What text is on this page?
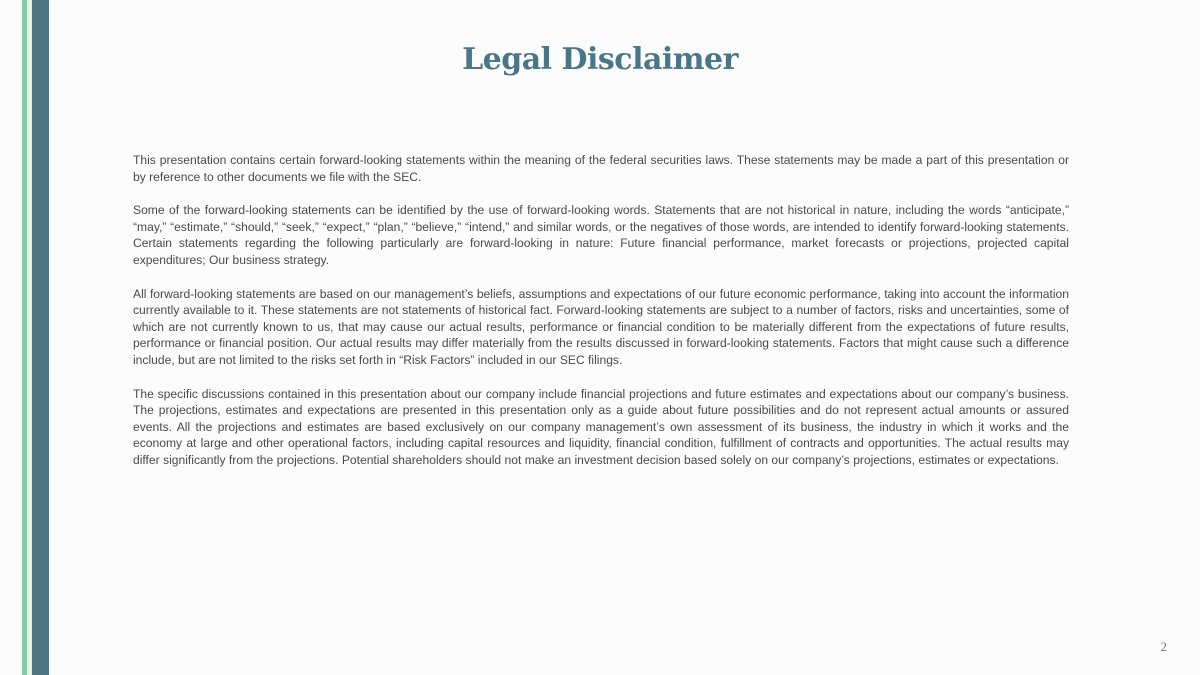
Legal Disclaimer

This presentation contains certain forward-looking statements within the meaning of the federal securities laws. These statements may be made a part of this presentation or by reference to other documents we file with the SEC.

Some of the forward-looking statements can be identified by the use of forward-looking words. Statements that are not historical in nature, including the words “anticipate,” “may,” “estimate,” “should,” “seek,” “expect,” “plan,” “believe,” “intend,” and similar words, or the negatives of those words, are intended to identify forward-looking statements. Certain statements regarding the following particularly are forward-looking in nature: Future financial performance, market forecasts or projections, projected capital expenditures; Our business strategy.

All forward-looking statements are based on our management’s beliefs, assumptions and expectations of our future economic performance, taking into account the information currently available to it. These statements are not statements of historical fact. Forward-looking statements are subject to a number of factors, risks and uncertainties, some of which are not currently known to us, that may cause our actual results, performance or financial condition to be materially different from the expectations of future results, performance or financial position. Our actual results may differ materially from the results discussed in forward-looking statements. Factors that might cause such a difference include, but are not limited to the risks set forth in “Risk Factors” included in our SEC filings.

The specific discussions contained in this presentation about our company include financial projections and future estimates and expectations about our company’s business. The projections, estimates and expectations are presented in this presentation only as a guide about future possibilities and do not represent actual amounts or assured events. All the projections and estimates are based exclusively on our company management’s own assessment of its business, the industry in which it works and the economy at large and other operational factors, including capital resources and liquidity, financial condition, fulfillment of contracts and opportunities. The actual results may differ significantly from the projections. Potential shareholders should not make an investment decision based solely on our company’s projections, estimates or expectations.

2
